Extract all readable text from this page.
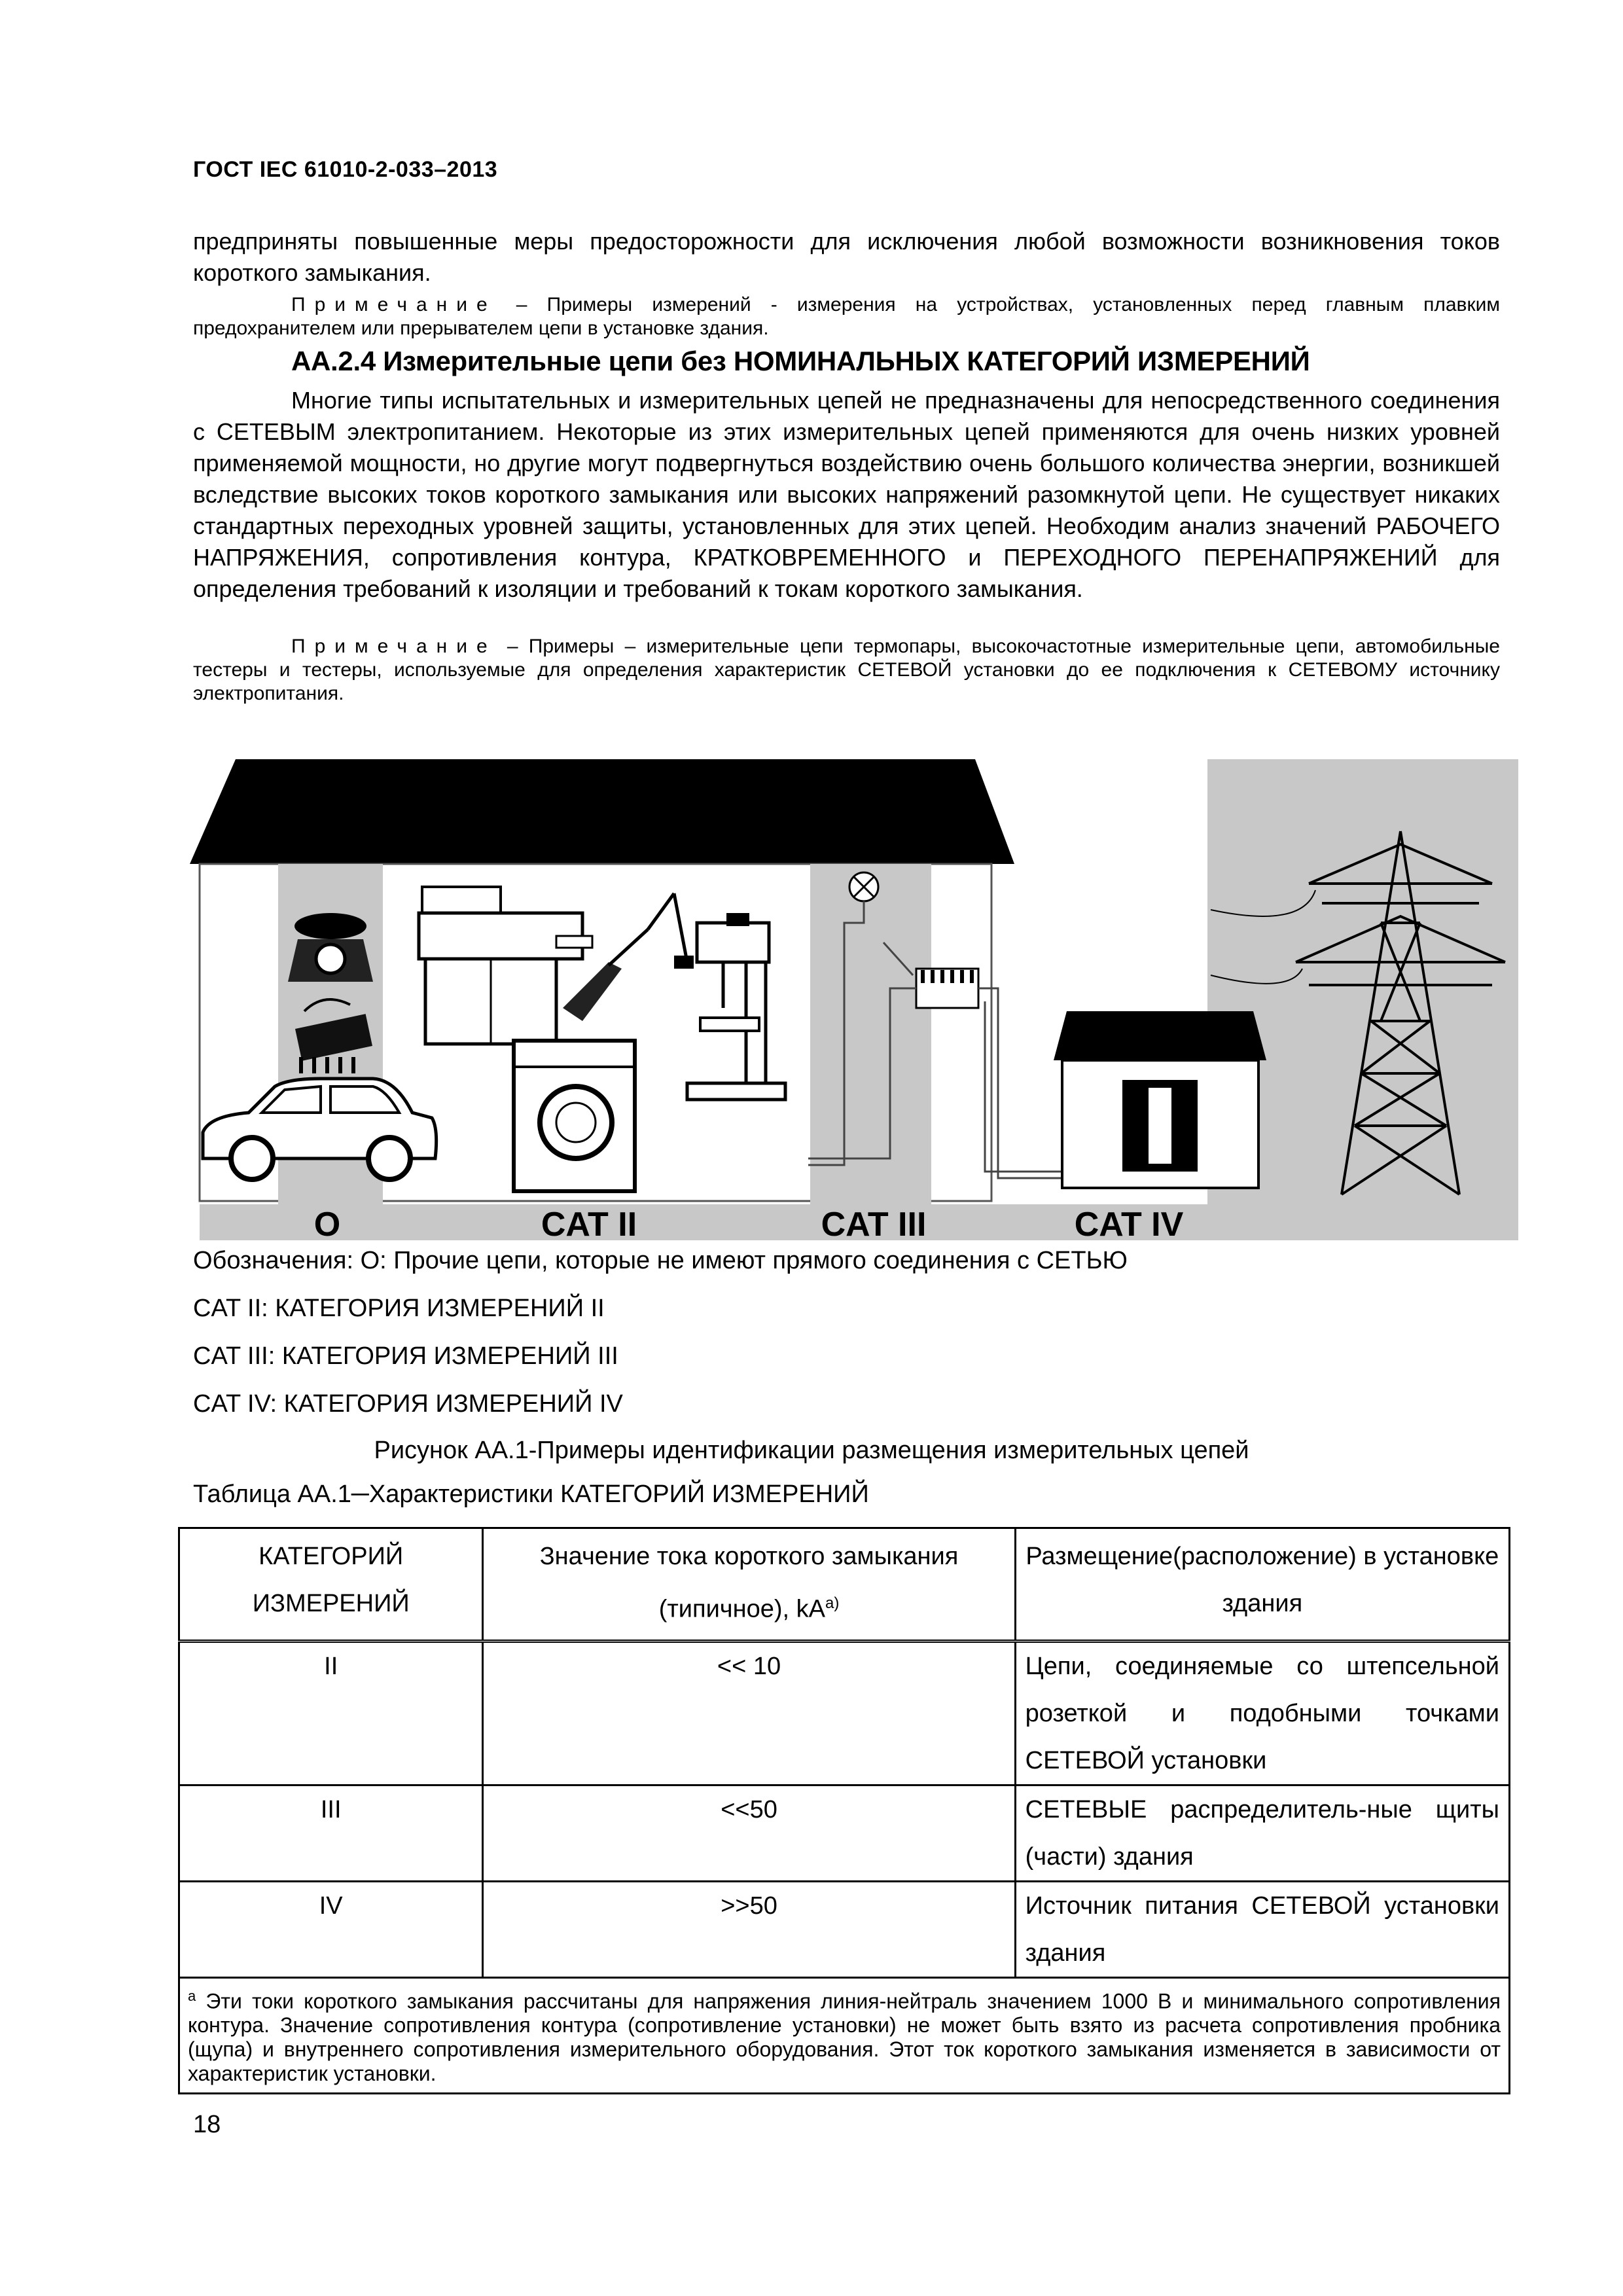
ГОСТ IEC 61010-2-033–2013
предприняты повышенные меры предосторожности для исключения любой возможности возникновения токов короткого замыкания.
Примечание – Примеры измерений - измерения на устройствах, установленных перед главным плавким предохранителем или прерывателем цепи в установке здания.
АА.2.4 Измерительные цепи без НОМИНАЛЬНЫХ КАТЕГОРИЙ ИЗМЕРЕНИЙ
Многие типы испытательных и измерительных цепей не предназначены для непосредственного соединения с СЕТЕВЫМ электропитанием. Некоторые из этих измерительных цепей применяются для очень низких уровней применяемой мощности, но другие могут подвергнуться воздействию очень большого количества энергии, возникшей вследствие высоких токов короткого замыкания или высоких напряжений разомкнутой цепи. Не существует никаких стандартных переходных уровней защиты, установленных для этих цепей. Необходим анализ значений РАБОЧЕГО НАПРЯЖЕНИЯ, сопротивления контура, КРАТКОВРЕМЕННОГО и ПЕРЕХОДНОГО ПЕРЕНАПРЯЖЕНИЙ для определения требований к изоляции и требований к токам короткого замыкания.
Примечание – Примеры – измерительные цепи термопары, высокочастотные измерительные цепи, автомобильные тестеры и тестеры, используемые для определения характеристик СЕТЕВОЙ установки до ее подключения к СЕТЕВОМУ источнику электропитания.
O	CAT II	CAT III	CAT IV
Обозначения: О: Прочие цепи, которые не имеют прямого соединения с СЕТЬЮ
CAT II: КАТЕГОРИЯ ИЗМЕРЕНИЙ II
CAT III: КАТЕГОРИЯ ИЗМЕРЕНИЙ III
CAT IV: КАТЕГОРИЯ ИЗМЕРЕНИЙ IV
Рисунок АА.1-Примеры идентификации размещения измерительных цепей
Таблица АА.1─Характеристики КАТЕГОРИЙ ИЗМЕРЕНИЙ
КАТЕГОРИЙ ИЗМЕРЕНИЙ	Значение тока короткого замыкания (типичное), $kA^{a)}$	Размещение(расположение) в установке здания
II	<< 10	Цепи, соединяемые со штепсельной розеткой и подобными точками СЕТЕВОЙ установки
III	<<50	СЕТЕВЫЕ распределитель-ные щиты (части) здания
IV	>>50	Источник питания СЕТЕВОЙ установки здания
$^a$ Эти токи короткого замыкания рассчитаны для напряжения линия-нейтраль значением 1000 В и минимального сопротивления контура. Значение сопротивления контура (сопротивление установки) не может быть взято из расчета сопротивления пробника (щупа) и внутреннего сопротивления измерительного оборудования. Этот ток короткого замыкания изменяется в зависимости от характеристик установки.		
18
